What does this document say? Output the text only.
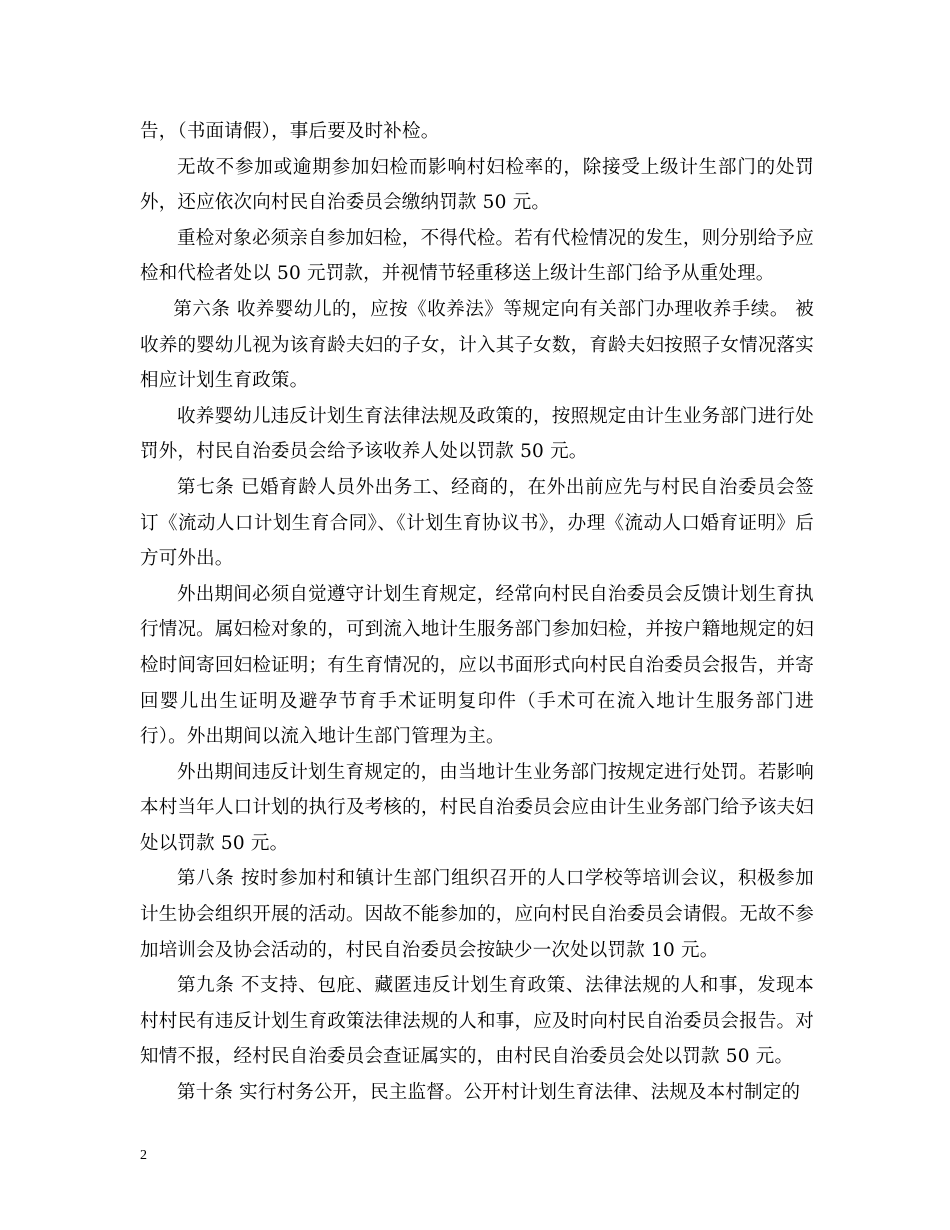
告，（书面请假），事后要及时补检。

无故不参加或逾期参加妇检而影响村妇检率的，除接受上级计生部门的处罚外，还应依次向村民自治委员会缴纳罚款 50 元。

重检对象必须亲自参加妇检，不得代检。若有代检情况的发生，则分别给予应检和代检者处以 50 元罚款，并视情节轻重移送上级计生部门给予从重处理。

第六条 收养婴幼儿的，应按《收养法》等规定向有关部门办理收养手续。 被收养的婴幼儿视为该育龄夫妇的子女，计入其子女数，育龄夫妇按照子女情况落实相应计划生育政策。

收养婴幼儿违反计划生育法律法规及政策的，按照规定由计生业务部门进行处罚外，村民自治委员会给予该收养人处以罚款 50 元。

第七条 已婚育龄人员外出务工、经商的，在外出前应先与村民自治委员会签订《流动人口计划生育合同》、《计划生育协议书》，办理《流动人口婚育证明》后方可外出。

外出期间必须自觉遵守计划生育规定，经常向村民自治委员会反馈计划生育执行情况。属妇检对象的，可到流入地计生服务部门参加妇检，并按户籍地规定的妇检时间寄回妇检证明；有生育情况的，应以书面形式向村民自治委员会报告，并寄回婴儿出生证明及避孕节育手术证明复印件（手术可在流入地计生服务部门进行）。外出期间以流入地计生部门管理为主。

外出期间违反计划生育规定的，由当地计生业务部门按规定进行处罚。若影响本村当年人口计划的执行及考核的，村民自治委员会应由计生业务部门给予该夫妇处以罚款 50 元。

第八条 按时参加村和镇计生部门组织召开的人口学校等培训会议，积极参加计生协会组织开展的活动。因故不能参加的，应向村民自治委员会请假。无故不参加培训会及协会活动的，村民自治委员会按缺少一次处以罚款 10 元。

第九条 不支持、包庇、藏匿违反计划生育政策、法律法规的人和事，发现本村村民有违反计划生育政策法律法规的人和事，应及时向村民自治委员会报告。对知情不报，经村民自治委员会查证属实的，由村民自治委员会处以罚款 50 元。

第十条 实行村务公开，民主监督。公开村计划生育法律、法规及本村制定的

2
